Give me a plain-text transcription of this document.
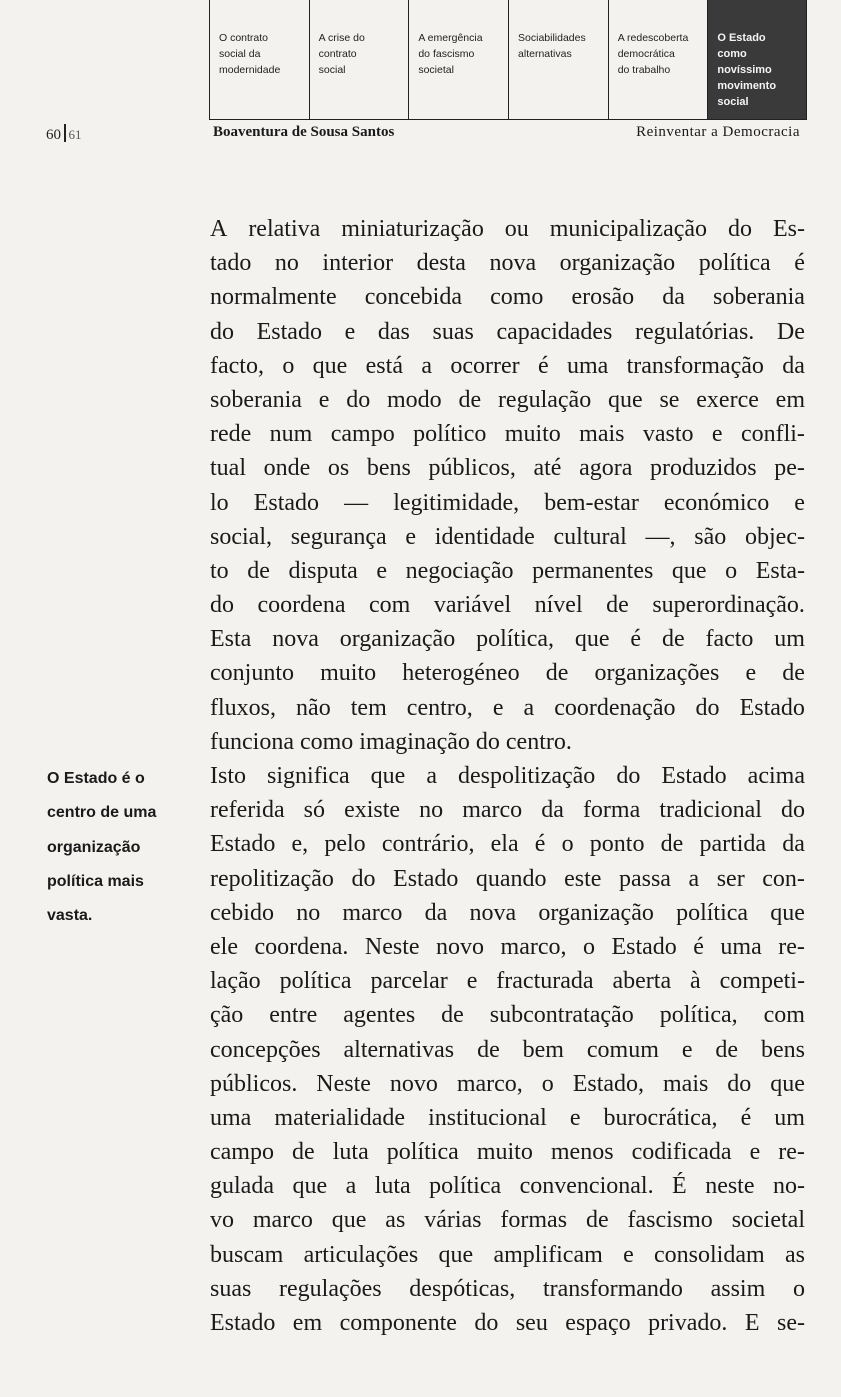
O contrato
social da
modernidade
A crise do
contrato
social
A emergência
do fascismo
societal
Sociabilidades
alternativas
A redescoberta
democrática
do trabalho
O Estado
como
novíssimo
movimento
social
60 61	Boaventura de Sousa Santos	Reinventar a Democracia
O Estado é o
centro de uma
organização
política mais
vasta.
A relativa miniaturização ou municipalização do Es-
tado no interior desta nova organização política é
normalmente concebida como erosão da soberania
do Estado e das suas capacidades regulatórias. De
facto, o que está a ocorrer é uma transformação da
soberania e do modo de regulação que se exerce em
rede num campo político muito mais vasto e confli-
tual onde os bens públicos, até agora produzidos pe-
lo Estado — legitimidade, bem-estar económico e
social, segurança e identidade cultural —, são objec-
to de disputa e negociação permanentes que o Esta-
do coordena com variável nível de superordinação.
Esta nova organização política, que é de facto um
conjunto muito heterogéneo de organizações e de
fluxos, não tem centro, e a coordenação do Estado
funciona como imaginação do centro.
Isto significa que a despolitização do Estado acima
referida só existe no marco da forma tradicional do
Estado e, pelo contrário, ela é o ponto de partida da
repolitização do Estado quando este passa a ser con-
cebido no marco da nova organização política que
ele coordena. Neste novo marco, o Estado é uma re-
lação política parcelar e fracturada aberta à competi-
ção entre agentes de subcontratação política, com
concepções alternativas de bem comum e de bens
públicos. Neste novo marco, o Estado, mais do que
uma materialidade institucional e burocrática, é um
campo de luta política muito menos codificada e re-
gulada que a luta política convencional. É neste no-
vo marco que as várias formas de fascismo societal
buscam articulações que amplificam e consolidam as
suas regulações despóticas, transformando assim o
Estado em componente do seu espaço privado. E se-
